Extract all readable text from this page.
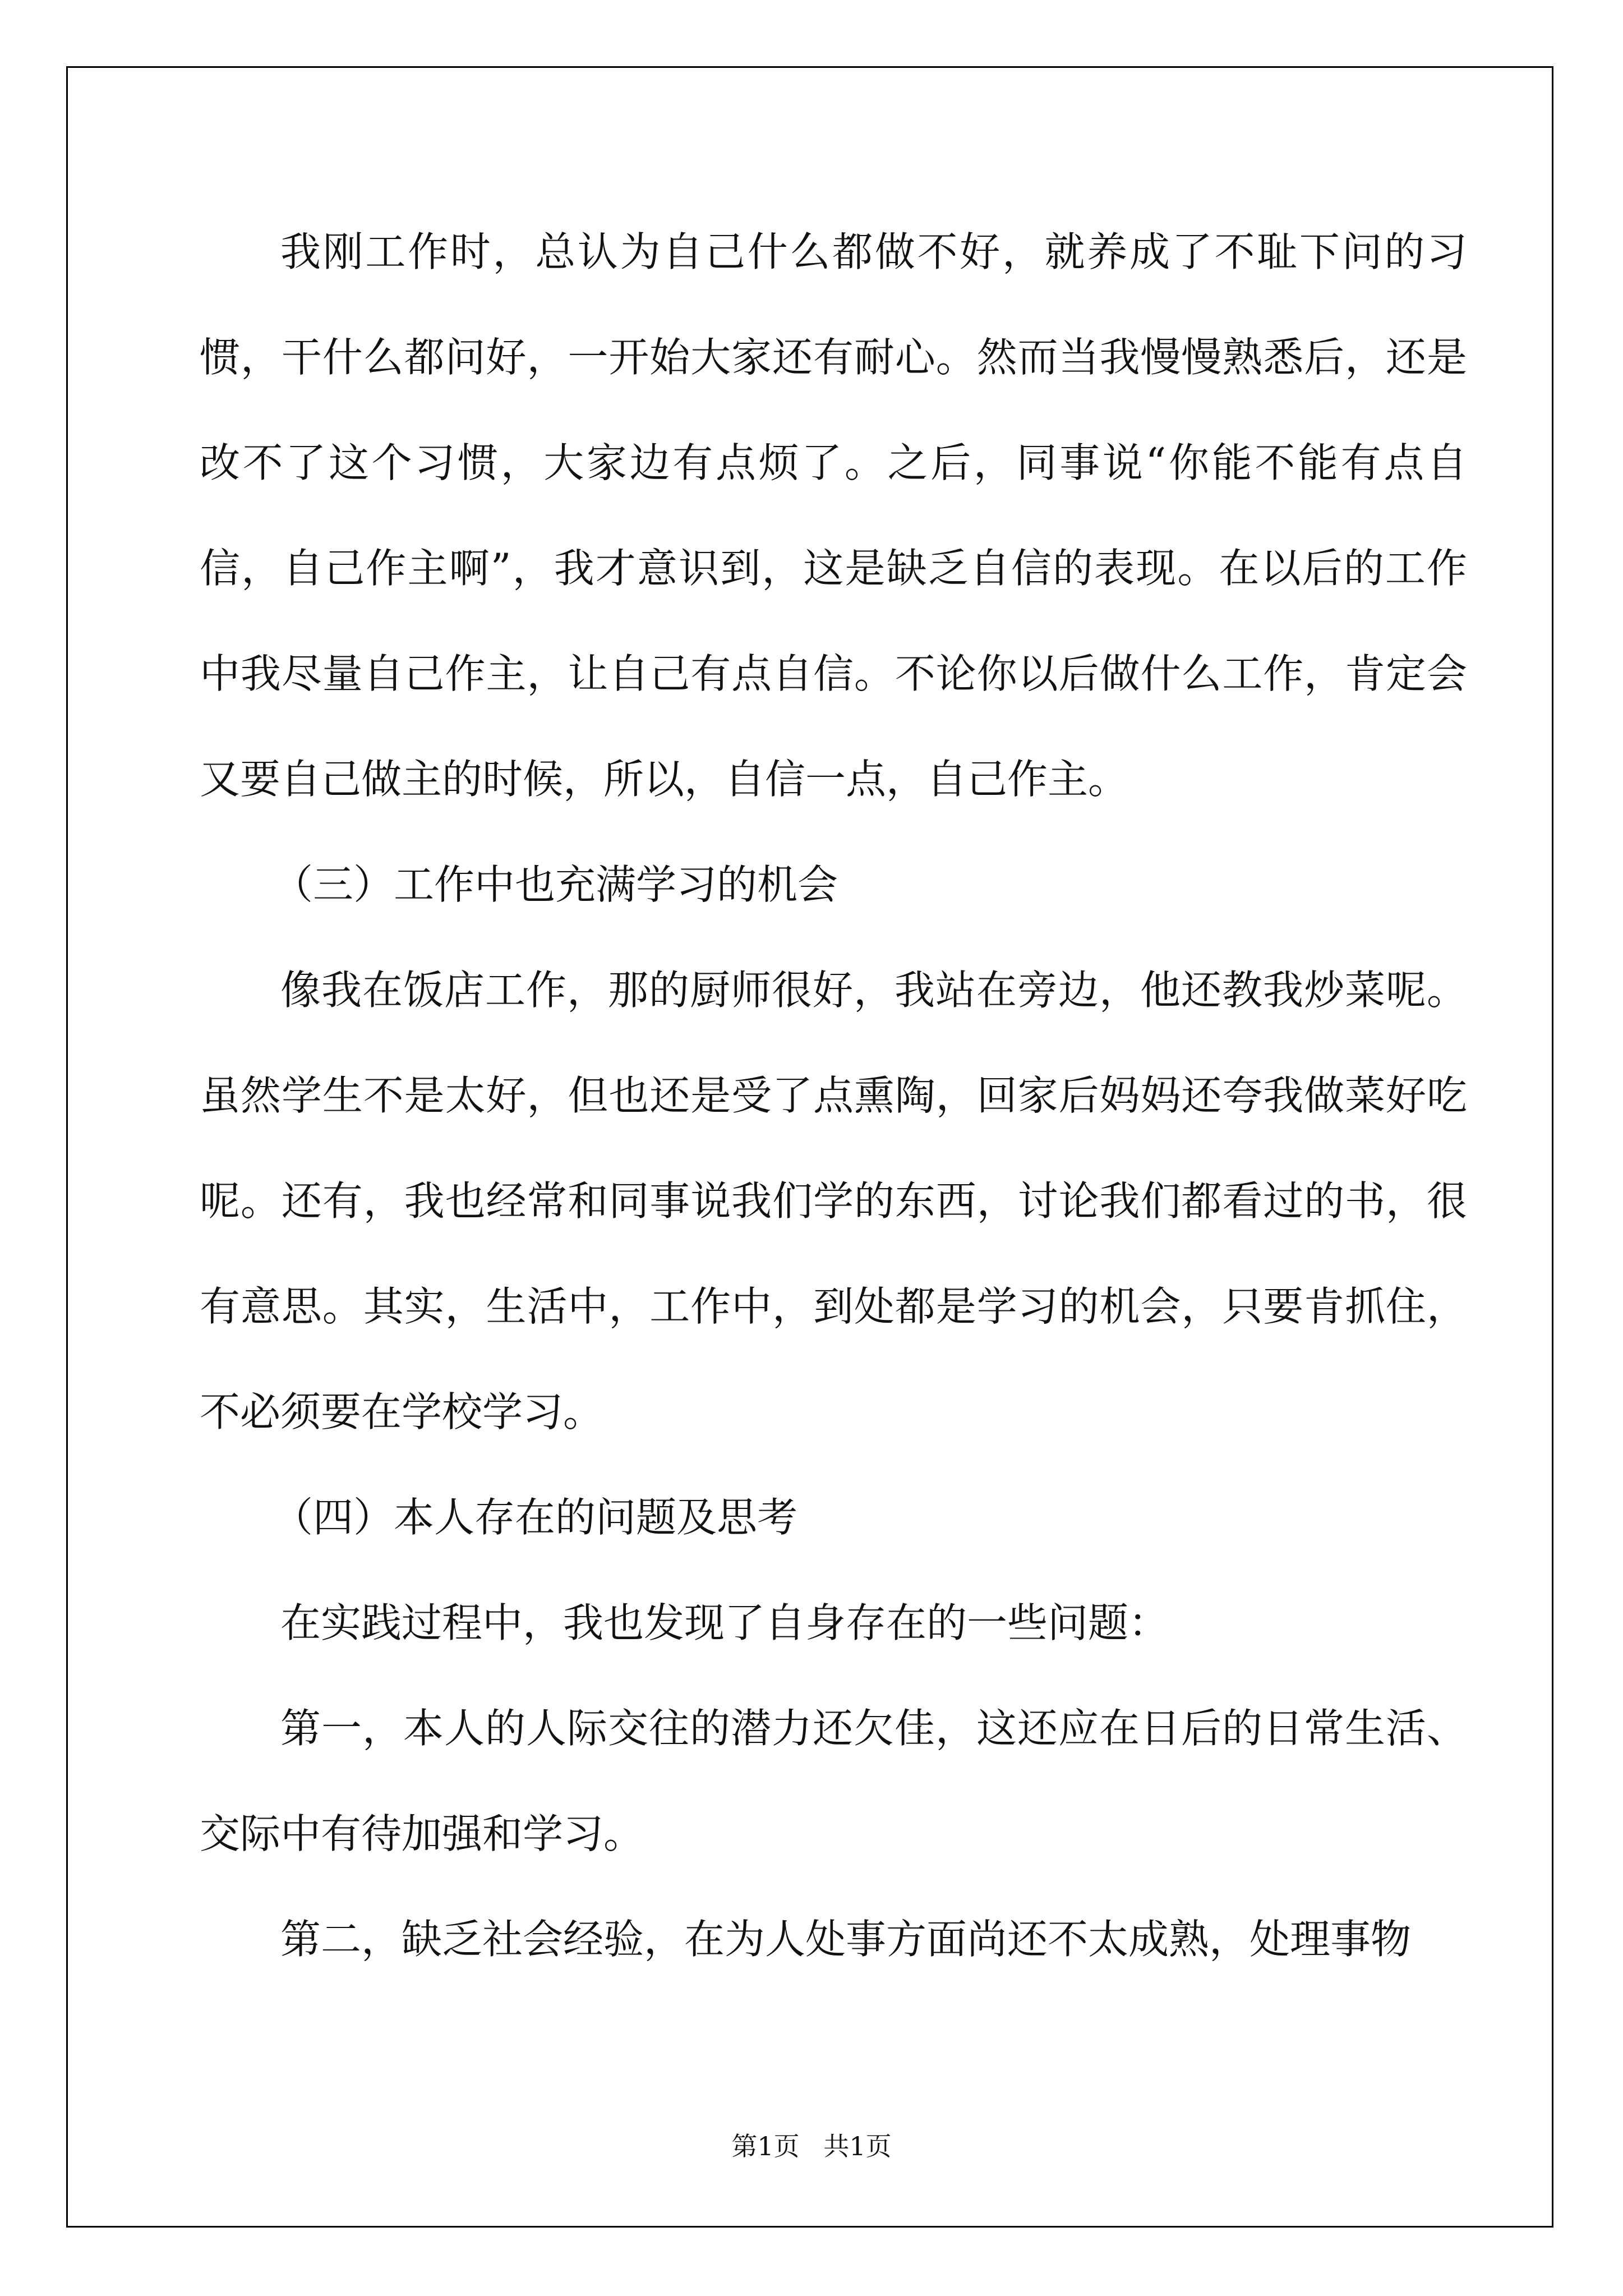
我刚工作时，总认为自己什么都做不好，就养成了不耻下问的习惯，干什么都问好，一开始大家还有耐心。然而当我慢慢熟悉后，还是改不了这个习惯，大家边有点烦了。之后，同事说“你能不能有点自信，自己作主啊”，我才意识到，这是缺乏自信的表现。在以后的工作中我尽量自己作主，让自己有点自信。不论你以后做什么工作，肯定会又要自己做主的时候，所以，自信一点，自己作主。

（三）工作中也充满学习的机会

像我在饭店工作，那的厨师很好，我站在旁边，他还教我炒菜呢。虽然学生不是太好，但也还是受了点熏陶，回家后妈妈还夸我做菜好吃呢。还有，我也经常和同事说我们学的东西，讨论我们都看过的书，很有意思。其实，生活中，工作中，到处都是学习的机会，只要肯抓住，不必须要在学校学习。

（四）本人存在的问题及思考

在实践过程中，我也发现了自身存在的一些问题：

第一，本人的人际交往的潜力还欠佳，这还应在日后的日常生活、交际中有待加强和学习。

第二，缺乏社会经验，在为人处事方面尚还不太成熟，处理事物

第1页 共1页
